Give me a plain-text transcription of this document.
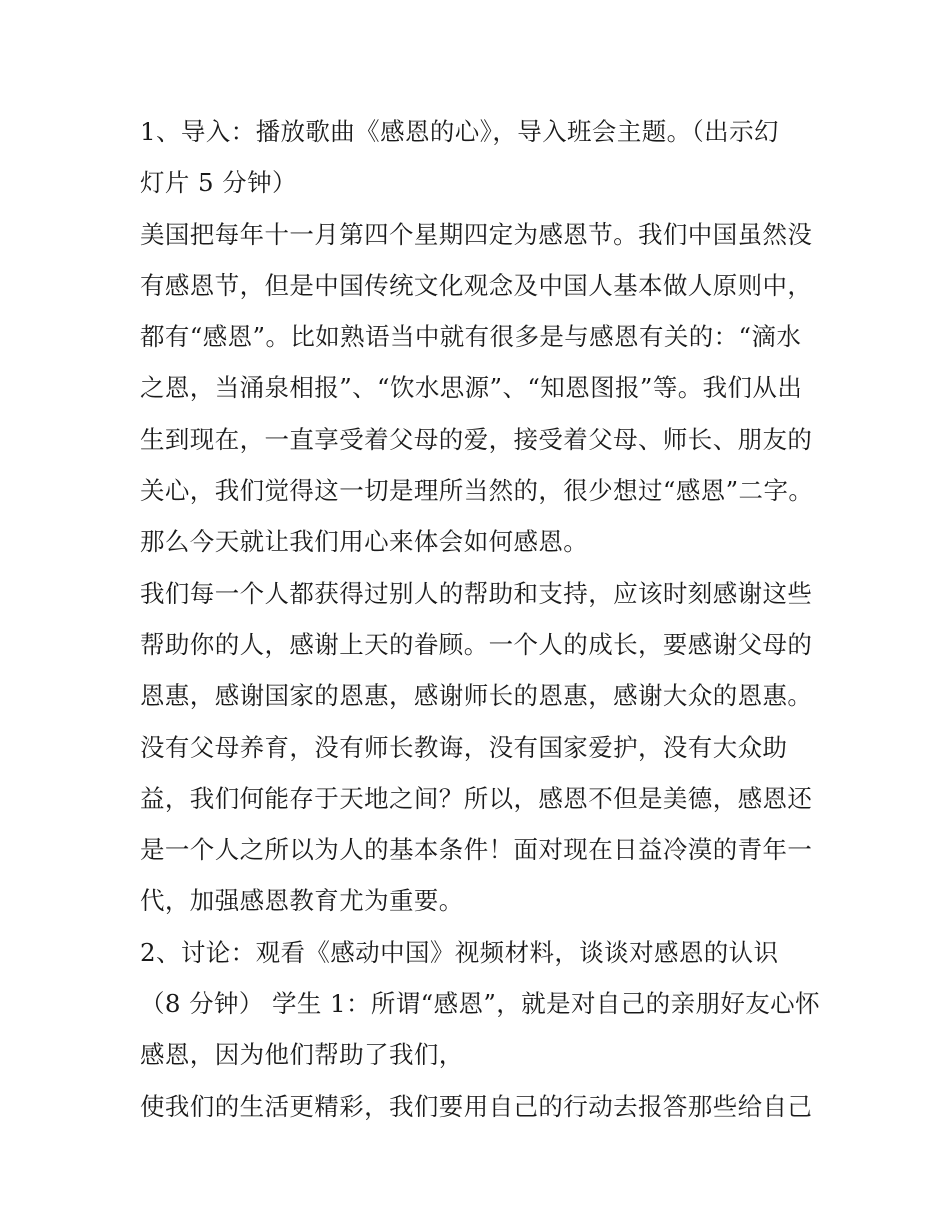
1、导入：播放歌曲《感恩的心》，导入班会主题。（出示幻
灯片 5 分钟）
美国把每年十一月第四个星期四定为感恩节。我们中国虽然没
有感恩节，但是中国传统文化观念及中国人基本做人原则中，
都有“感恩”。比如熟语当中就有很多是与感恩有关的：“滴水
之恩，当涌泉相报”、“饮水思源”、“知恩图报”等。我们从出
生到现在，一直享受着父母的爱，接受着父母、师长、朋友的
关心，我们觉得这一切是理所当然的，很少想过“感恩”二字。
那么今天就让我们用心来体会如何感恩。
我们每一个人都获得过别人的帮助和支持，应该时刻感谢这些
帮助你的人，感谢上天的眷顾。一个人的成长，要感谢父母的
恩惠，感谢国家的恩惠，感谢师长的恩惠，感谢大众的恩惠。
没有父母养育，没有师长教诲，没有国家爱护，没有大众助
益，我们何能存于天地之间？所以，感恩不但是美德，感恩还
是一个人之所以为人的基本条件！面对现在日益冷漠的青年一
代，加强感恩教育尤为重要。
2、讨论：观看《感动中国》视频材料，谈谈对感恩的认识
（8 分钟） 学生 1：所谓“感恩”，就是对自己的亲朋好友心怀
感恩，因为他们帮助了我们，
使我们的生活更精彩，我们要用自己的行动去报答那些给自己
